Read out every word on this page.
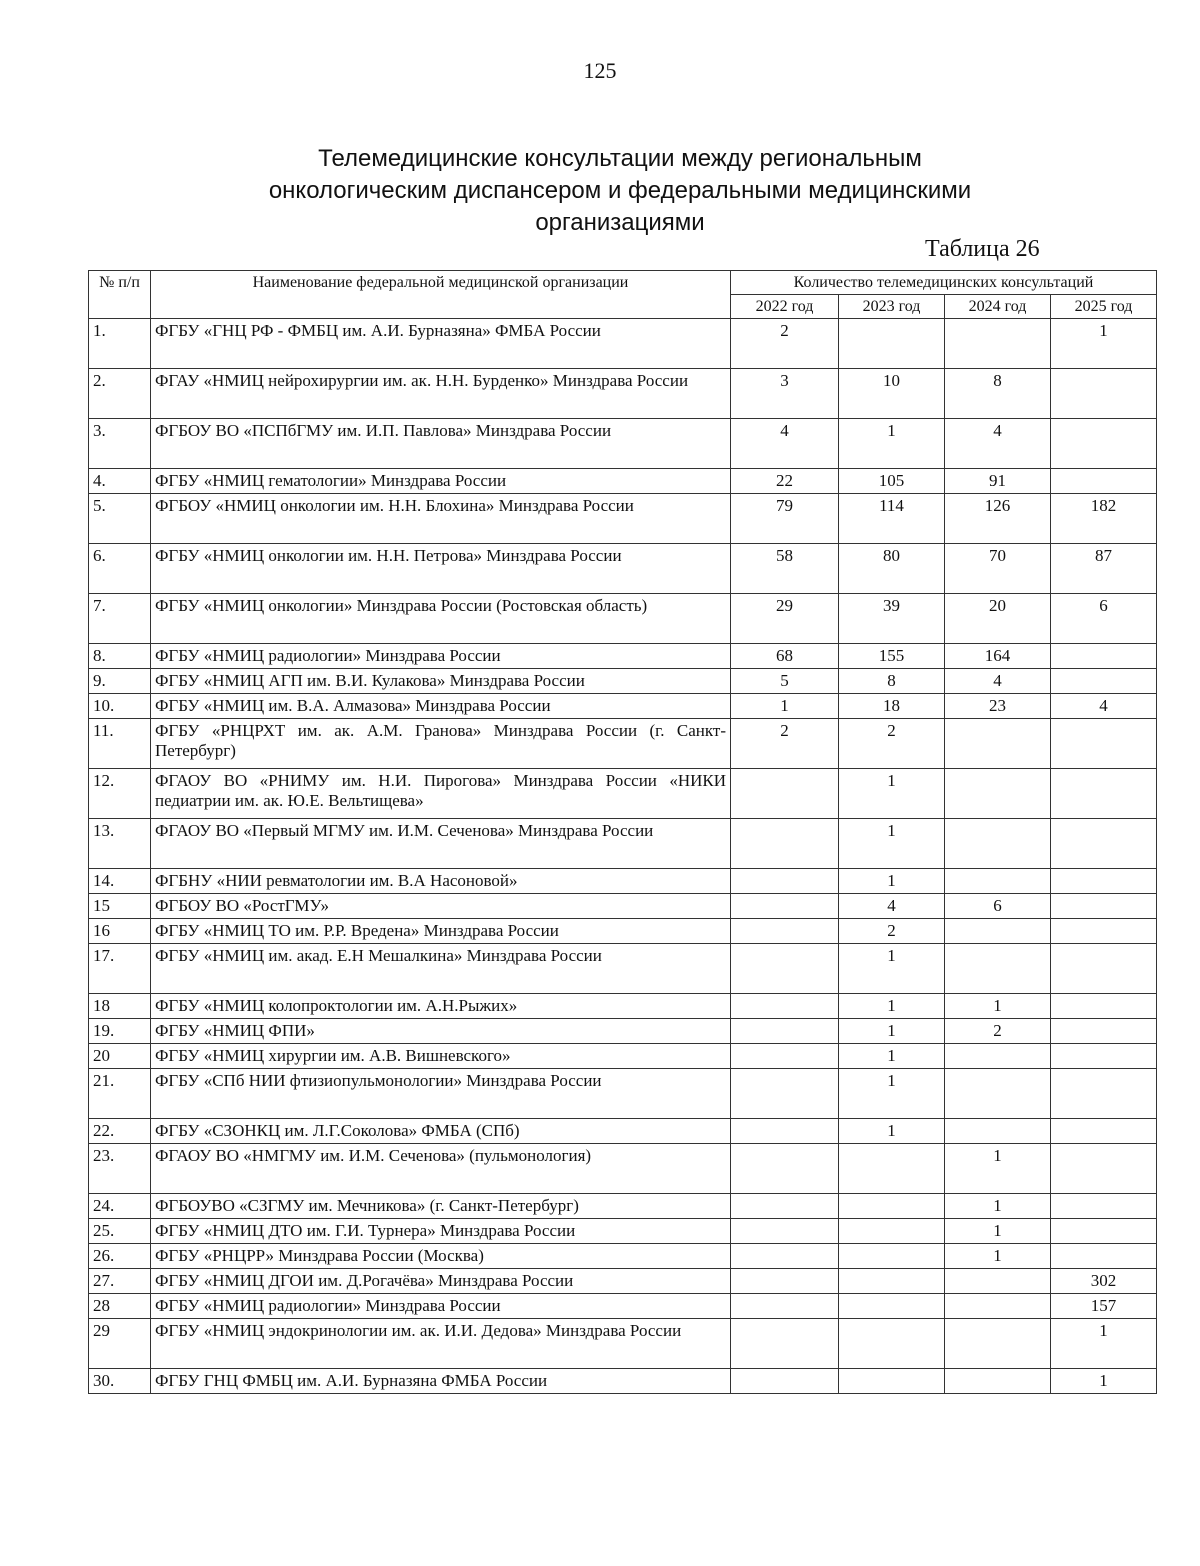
125
Телемедицинские консультации между региональным
онкологическим диспансером и федеральными медицинскими
организациями
Таблица 26
№ п/п	Наименование федеральной медицинской организации	Количество телемедицинских консультаций			
		2022 год	2023 год	2024 год	2025 год
1.	ФГБУ «ГНЦ РФ - ФМБЦ им. А.И. Бурназяна» ФМБА России	2			1
2.	ФГАУ «НМИЦ нейрохирургии им. ак. Н.Н. Бурденко» Минздрава России	3	10	8	
3.	ФГБОУ ВО «ПСПбГМУ им. И.П. Павлова» Минздрава России	4	1	4	
4.	ФГБУ «НМИЦ гематологии» Минздрава России	22	105	91	
5.	ФГБОУ «НМИЦ онкологии им. Н.Н. Блохина» Минздрава России	79	114	126	182
6.	ФГБУ «НМИЦ онкологии им. Н.Н. Петрова» Минздрава России	58	80	70	87
7.	ФГБУ «НМИЦ онкологии» Минздрава России (Ростовская область)	29	39	20	6
8.	ФГБУ «НМИЦ радиологии» Минздрава России	68	155	164	
9.	ФГБУ «НМИЦ АГП им. В.И. Кулакова» Минздрава России	5	8	4	
10.	ФГБУ «НМИЦ им. В.А. Алмазова» Минздрава России	1	18	23	4
11.	ФГБУ «РНЦРХТ им. ак. А.М. Гранова» Минздрава России (г. Санкт-Петербург)	2	2		
12.	ФГАОУ ВО «РНИМУ им. Н.И. Пирогова» Минздрава России «НИКИ педиатрии им. ак. Ю.Е. Вельтищева»		1		
13.	ФГАОУ ВО «Первый МГМУ им. И.М. Сеченова» Минздрава России		1		
14.	ФГБНУ «НИИ ревматологии им. В.А Насоновой»		1		
15	ФГБОУ ВО «РостГМУ»		4	6	
16	ФГБУ «НМИЦ ТО им. Р.Р. Вредена» Минздрава России		2		
17.	ФГБУ «НМИЦ им. акад. Е.Н Мешалкина» Минздрава России		1		
18	ФГБУ «НМИЦ колопроктологии им. А.Н.Рыжих»		1	1	
19.	ФГБУ «НМИЦ ФПИ»		1	2	
20	ФГБУ «НМИЦ хирургии им. А.В. Вишневского»		1		
21.	ФГБУ «СПб НИИ фтизиопульмонологии» Минздрава России		1		
22.	ФГБУ «СЗОНКЦ им. Л.Г.Соколова» ФМБА (СПб)		1		
23.	ФГАОУ ВО «НМГМУ им. И.М. Сеченова» (пульмонология)			1	
24.	ФГБОУВО «СЗГМУ им. Мечникова» (г. Санкт-Петербург)			1	
25.	ФГБУ «НМИЦ ДТО им. Г.И. Турнера» Минздрава России			1	
26.	ФГБУ «РНЦРР» Минздрава России (Москва)			1	
27.	ФГБУ «НМИЦ ДГОИ им. Д.Рогачёва» Минздрава России				302
28	ФГБУ «НМИЦ радиологии» Минздрава России				157
29	ФГБУ «НМИЦ эндокринологии им. ак. И.И. Дедова» Минздрава России				1
30.	ФГБУ ГНЦ ФМБЦ им. А.И. Бурназяна ФМБА России				1
